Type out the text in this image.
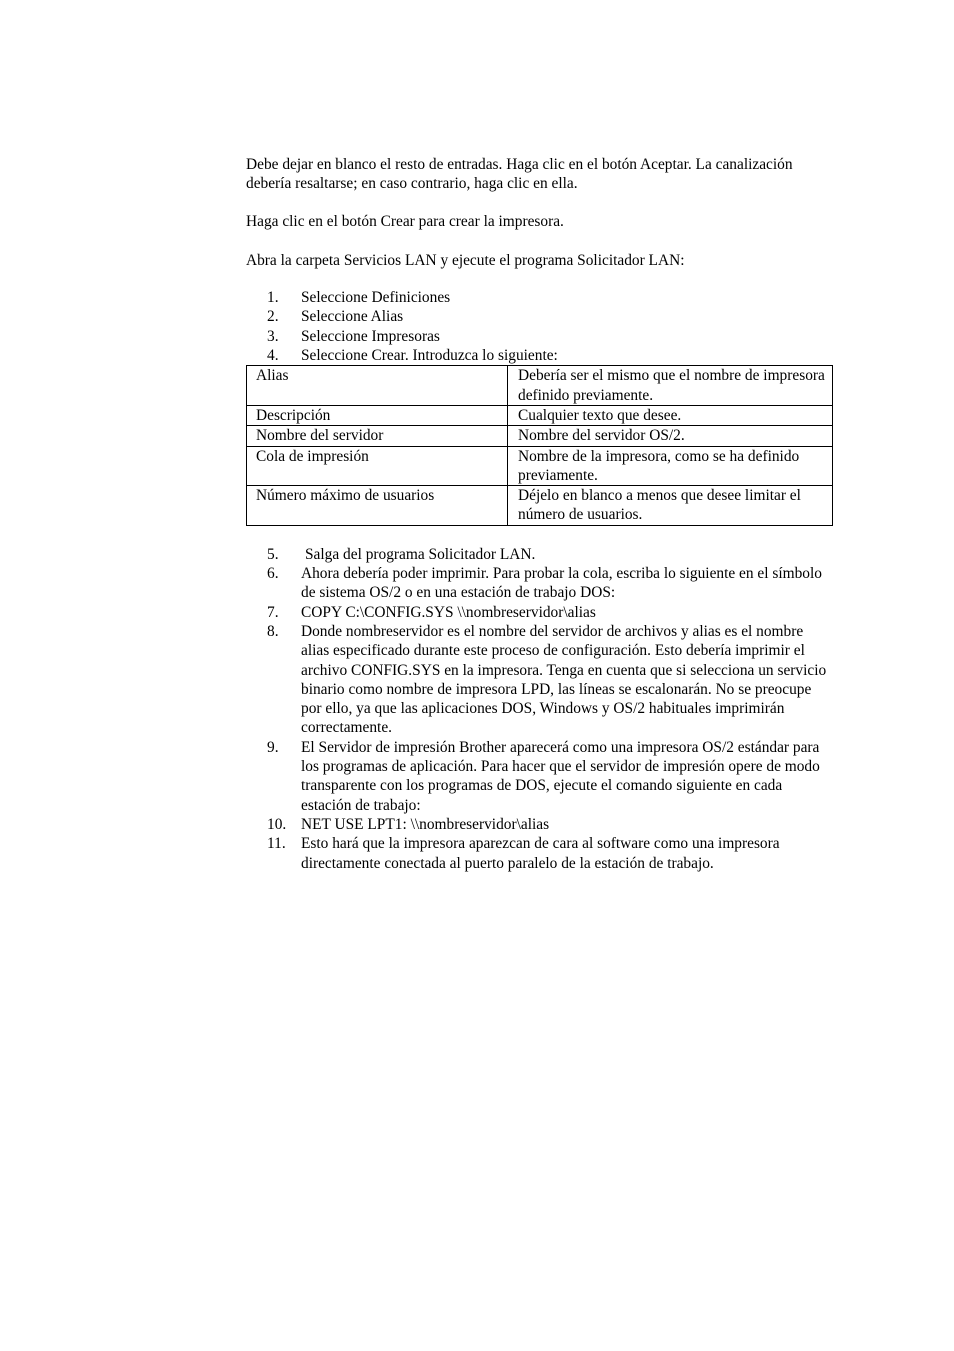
Debe dejar en blanco el resto de entradas. Haga clic en el botón Aceptar. La canalización debería resaltarse; en caso contrario, haga clic en ella.

Haga clic en el botón Crear para crear la impresora.

Abra la carpeta Servicios LAN y ejecute el programa Solicitador LAN:

1. Seleccione Definiciones
2. Seleccione Alias
3. Seleccione Impresoras
4. Seleccione Crear. Introduzca lo siguiente:
Alias	Debería ser el mismo que el nombre de impresora definido previamente.
Descripción	Cualquier texto que desee.
Nombre del servidor	Nombre del servidor OS/2.
Cola de impresión	Nombre de la impresora, como se ha definido previamente.
Número máximo de usuarios	Déjelo en blanco a menos que desee limitar el número de usuarios.
5. Salga del programa Solicitador LAN.
6. Ahora debería poder imprimir. Para probar la cola, escriba lo siguiente en el símbolo de sistema OS/2 o en una estación de trabajo DOS:
7. COPY C:\CONFIG.SYS \\nombreservidor\alias
8. Donde nombreservidor es el nombre del servidor de archivos y alias es el nombre alias especificado durante este proceso de configuración. Esto debería imprimir el archivo CONFIG.SYS en la impresora. Tenga en cuenta que si selecciona un servicio binario como nombre de impresora LPD, las líneas se escalonarán. No se preocupe por ello, ya que las aplicaciones DOS, Windows y OS/2 habituales imprimirán correctamente.
9. El Servidor de impresión Brother aparecerá como una impresora OS/2 estándar para los programas de aplicación. Para hacer que el servidor de impresión opere de modo transparente con los programas de DOS, ejecute el comando siguiente en cada estación de trabajo:
10. NET USE LPT1: \\nombreservidor\alias
11. Esto hará que la impresora aparezcan de cara al software como una impresora directamente conectada al puerto paralelo de la estación de trabajo.
